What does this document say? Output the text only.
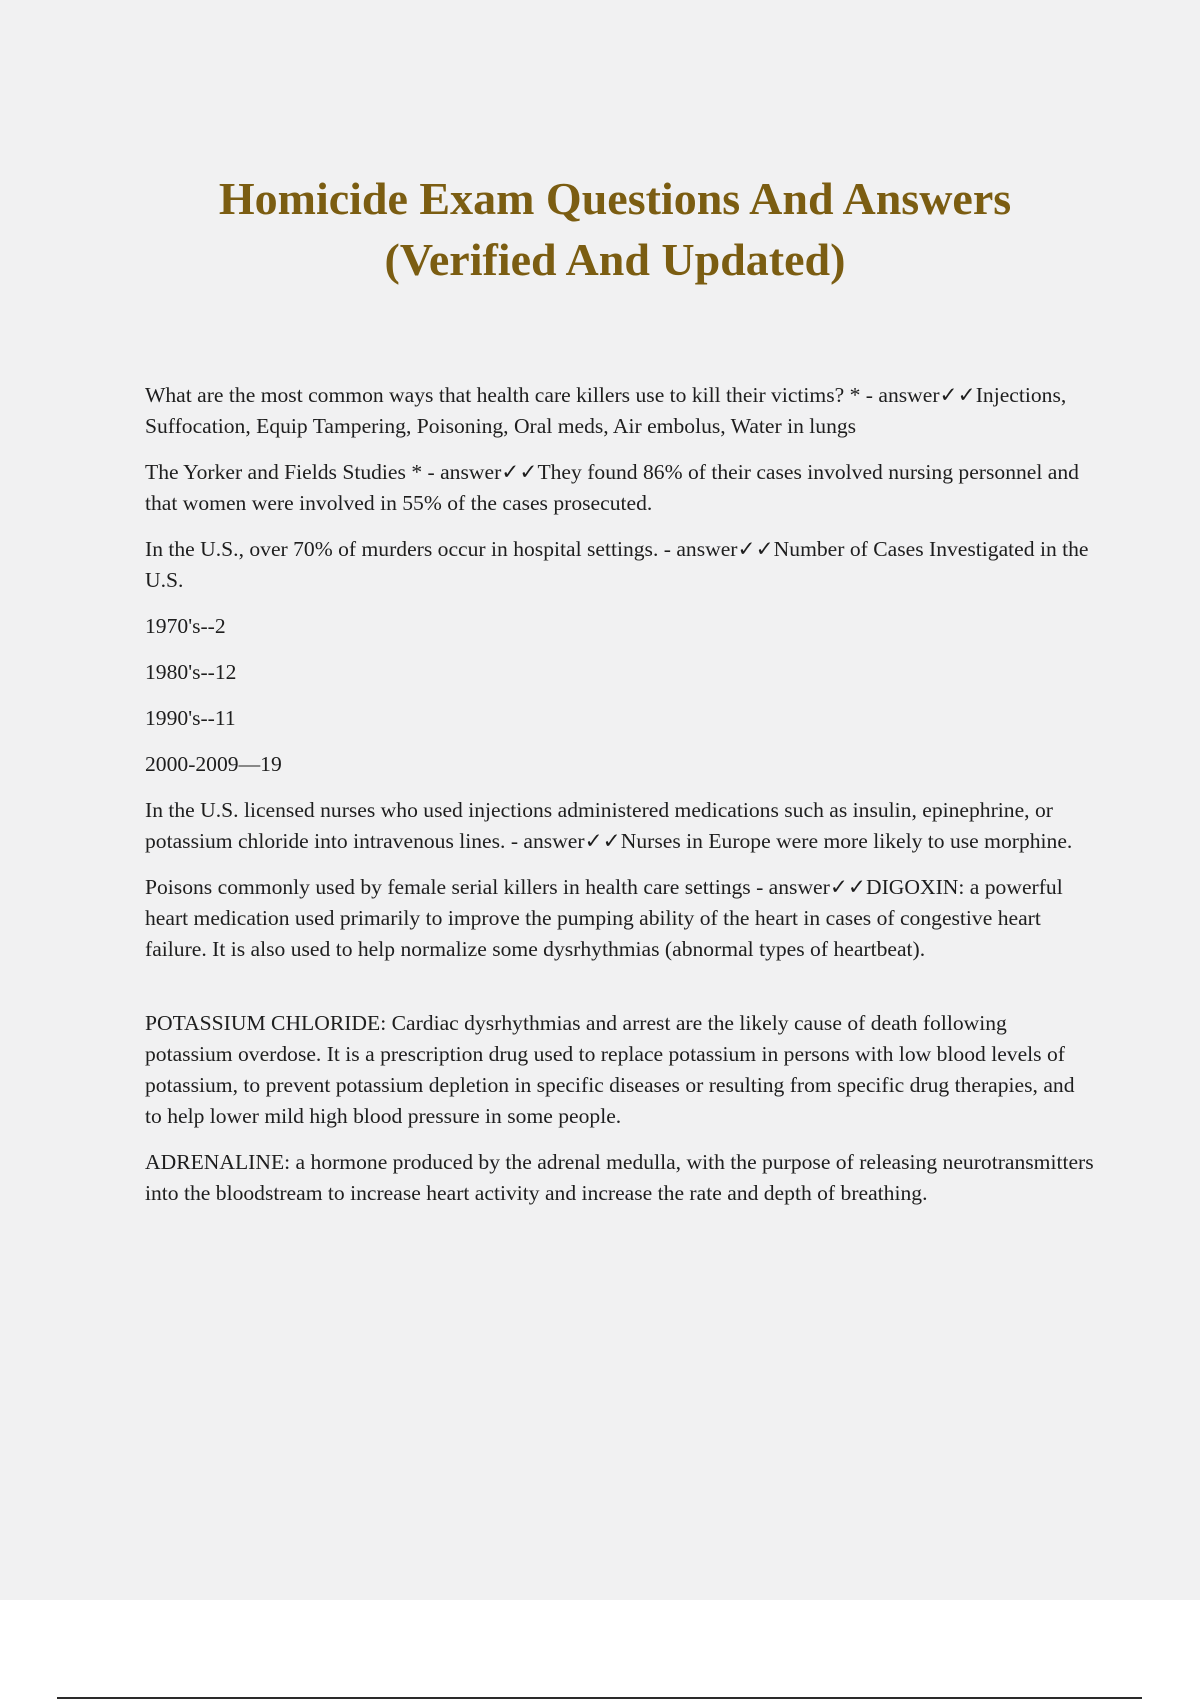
Homicide Exam Questions And Answers
(Verified And Updated)

What are the most common ways that health care killers use to kill their victims? * - answer✓✓Injections, Suffocation, Equip Tampering, Poisoning, Oral meds, Air embolus, Water in lungs

The Yorker and Fields Studies * - answer✓✓They found 86% of their cases involved nursing personnel and that women were involved in 55% of the cases prosecuted.

In the U.S., over 70% of murders occur in hospital settings. - answer✓✓Number of Cases Investigated in the U.S.

1970's--2

1980's--12

1990's--11

2000-2009—19

In the U.S. licensed nurses who used injections administered medications such as insulin, epinephrine, or potassium chloride into intravenous lines. - answer✓✓Nurses in Europe were more likely to use morphine.

Poisons commonly used by female serial killers in health care settings - answer✓✓DIGOXIN: a powerful heart medication used primarily to improve the pumping ability of the heart in cases of congestive heart failure. It is also used to help normalize some dysrhythmias (abnormal types of heartbeat).

POTASSIUM CHLORIDE: Cardiac dysrhythmias and arrest are the likely cause of death following potassium overdose. It is a prescription drug used to replace potassium in persons with low blood levels of potassium, to prevent potassium depletion in specific diseases or resulting from specific drug therapies, and to help lower mild high blood pressure in some people.

ADRENALINE: a hormone produced by the adrenal medulla, with the purpose of releasing neurotransmitters into the bloodstream to increase heart activity and increase the rate and depth of breathing.
